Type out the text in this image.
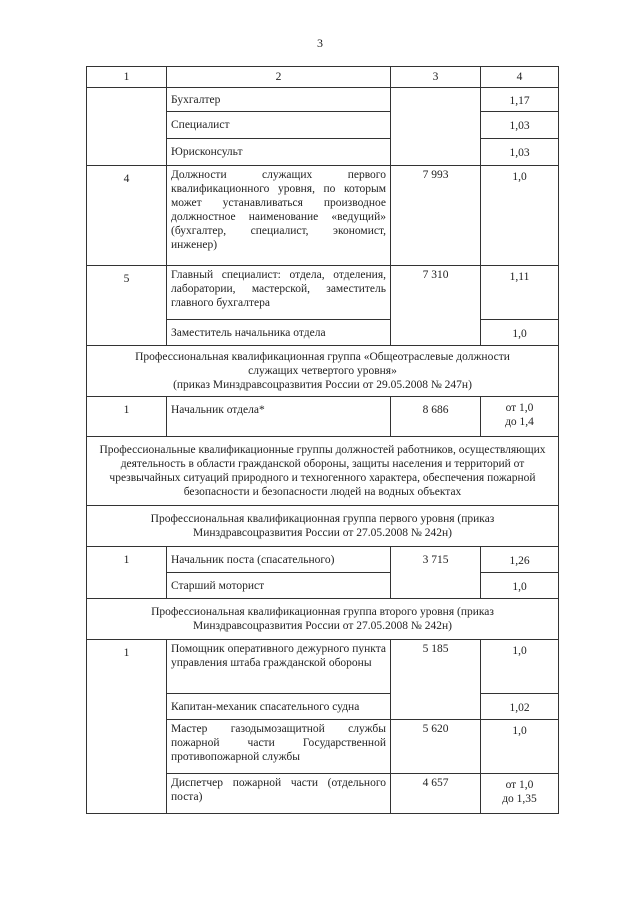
3
1	2	3	4
	Бухгалтер		1,17
	Специалист		1,03
	Юрисконсульт		1,03
4	Должности служащих первого квалификационного уровня, по которым может устанавливаться производное должностное наименование «ведущий» (бухгалтер, специалист, экономист, инженер)	7 993	1,0
5	Главный специалист: отдела, отделения, лаборатории, мастерской, заместитель главного бухгалтера	7 310	1,11
	Заместитель начальника отдела		1,0

Профессиональная квалификационная группа «Общеотраслевые должности
служащих четвертого уровня»
(приказ Минздравсоцразвития России от 29.05.2008 № 247н)			

1	Начальник отдела*	8 686	от 1,0
до 1,4

Профессиональные квалификационные группы должностей работников, осуществляющих деятельность в области гражданской обороны, защиты населения и территорий от чрезвычайных ситуаций природного и техногенного характера, обеспечения пожарной безопасности и безопасности людей на водных объектах			
Профессиональная квалификационная группа первого уровня (приказ Минздравсоцразвития России от 27.05.2008 № 242н)			
1	Начальник поста (спасательного)	3 715	1,26
	Старший моторист		1,0
Профессиональная квалификационная группа второго уровня (приказ Минздравсоцразвития России от 27.05.2008 № 242н)			
1	Помощник оперативного дежурного пункта управления штаба гражданской обороны	5 185	1,0
	Капитан-механик спасательного судна		1,02
	Мастер газодымозащитной службы пожарной части Государственной противопожарной службы	5 620	1,0
	Диспетчер пожарной части (отдельного поста)	4 657	от 1,0
до 1,35
